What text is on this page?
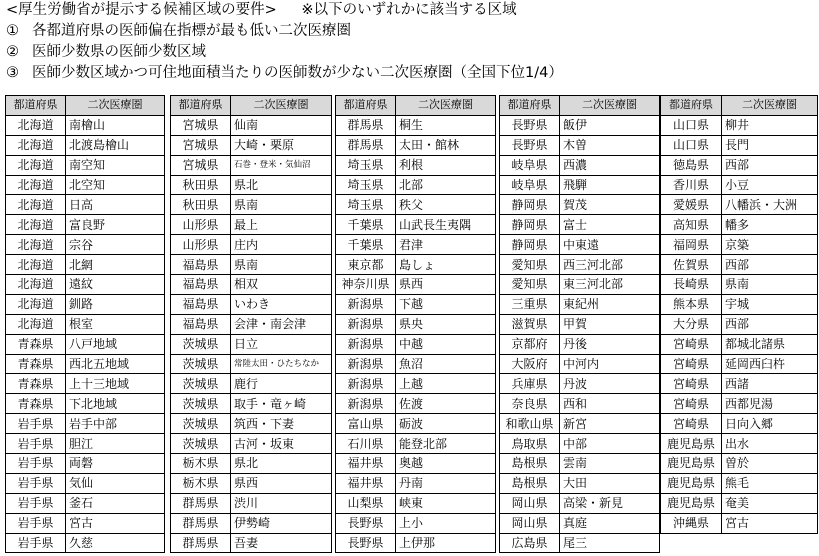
<厚生労働省が提示する候補区域の要件> ※以下のいずれかに該当する区域
① 各都道府県の医師偏在指標が最も低い二次医療圏
② 医師少数県の医師少数区域
③ 医師少数区域かつ可住地面積当たりの医師数が少ない二次医療圏（全国下位1/4）
都道府県	二次医療圏
北海道	南檜山
北海道	北渡島檜山
北海道	南空知
北海道	北空知
北海道	日高
北海道	富良野
北海道	宗谷
北海道	北網
北海道	遠紋
北海道	釧路
北海道	根室
青森県	八戸地域
青森県	西北五地域
青森県	上十三地域
青森県	下北地域
岩手県	岩手中部
岩手県	胆江
岩手県	両磐
岩手県	気仙
岩手県	釜石
岩手県	宮古
岩手県	久慈
都道府県	二次医療圏
宮城県	仙南
宮城県	大崎・栗原
宮城県	石巻・登米・気仙沼
秋田県	県北
秋田県	県南
山形県	最上
山形県	庄内
福島県	県南
福島県	相双
福島県	いわき
福島県	会津・南会津
茨城県	日立
茨城県	常陸太田・ひたちなか
茨城県	鹿行
茨城県	取手・竜ヶ崎
茨城県	筑西・下妻
茨城県	古河・坂東
栃木県	県北
栃木県	県西
群馬県	渋川
群馬県	伊勢崎
群馬県	吾妻
都道府県	二次医療圏
群馬県	桐生
群馬県	太田・館林
埼玉県	利根
埼玉県	北部
埼玉県	秩父
千葉県	山武長生夷隅
千葉県	君津
東京都	島しょ
神奈川県	県西
新潟県	下越
新潟県	県央
新潟県	中越
新潟県	魚沼
新潟県	上越
新潟県	佐渡
富山県	砺波
石川県	能登北部
福井県	奥越
福井県	丹南
山梨県	峡東
長野県	上小
長野県	上伊那
都道府県	二次医療圏
長野県	飯伊
長野県	木曽
岐阜県	西濃
岐阜県	飛騨
静岡県	賀茂
静岡県	富士
静岡県	中東遠
愛知県	西三河北部
愛知県	東三河北部
三重県	東紀州
滋賀県	甲賀
京都府	丹後
大阪府	中河内
兵庫県	丹波
奈良県	西和
和歌山県	新宮
鳥取県	中部
島根県	雲南
島根県	大田
岡山県	高梁・新見
岡山県	真庭
広島県	尾三
都道府県	二次医療圏
山口県	柳井
山口県	長門
徳島県	西部
香川県	小豆
愛媛県	八幡浜・大洲
高知県	幡多
福岡県	京築
佐賀県	西部
長崎県	県南
熊本県	宇城
大分県	西部
宮崎県	都城北諸県
宮崎県	延岡西臼杵
宮崎県	西諸
宮崎県	西都児湯
宮崎県	日向入郷
鹿児島県	出水
鹿児島県	曽於
鹿児島県	熊毛
鹿児島県	奄美
沖縄県	宮古
